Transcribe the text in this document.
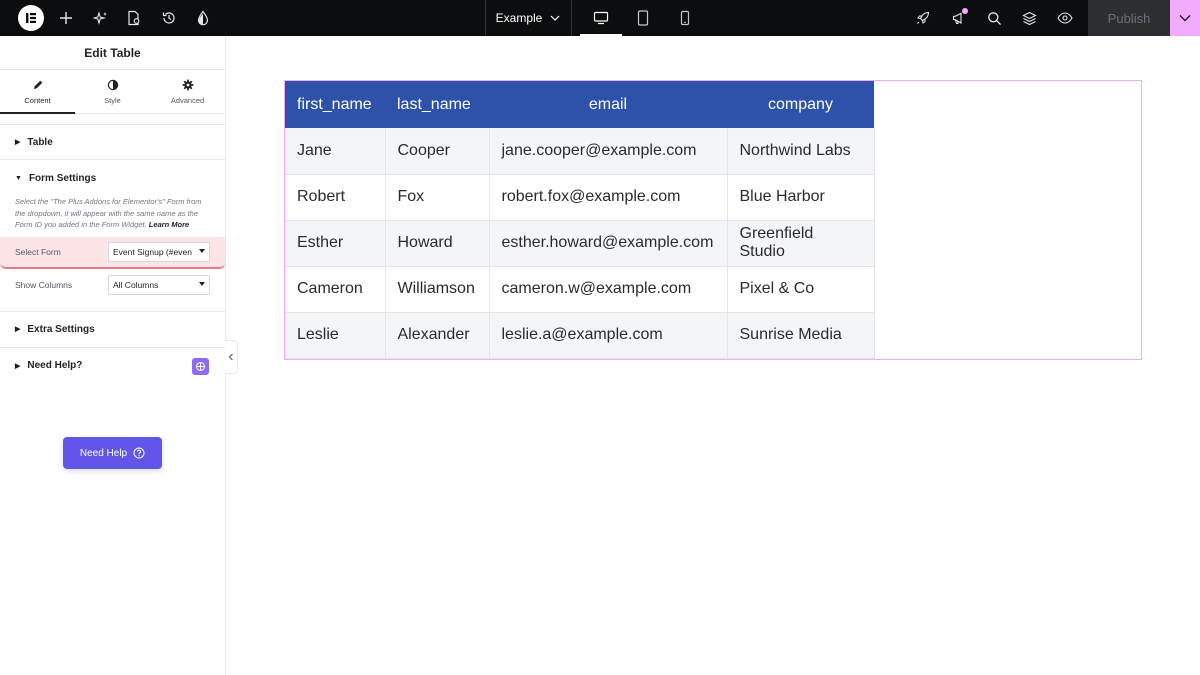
Example	Publish
Edit Table
Content	Style	Advanced
▶ Table
▼ Form Settings
Select the "The Plus Addons for Elementor's" Form from the dropdown, it will appear with the same name as the Form ID you added in the Form Widget. Learn More
Select Form	Event Signup (#even
Show Columns	All Columns
▶ Extra Settings
▶ Need Help?
Need Help
first_name	last_name	email	company
Jane	Cooper	jane.cooper@example.com	Northwind Labs
Robert	Fox	robert.fox@example.com	Blue Harbor
Esther	Howard	esther.howard@example.com	Greenfield Studio
Cameron	Williamson	cameron.w@example.com	Pixel & Co
Leslie	Alexander	leslie.a@example.com	Sunrise Media
